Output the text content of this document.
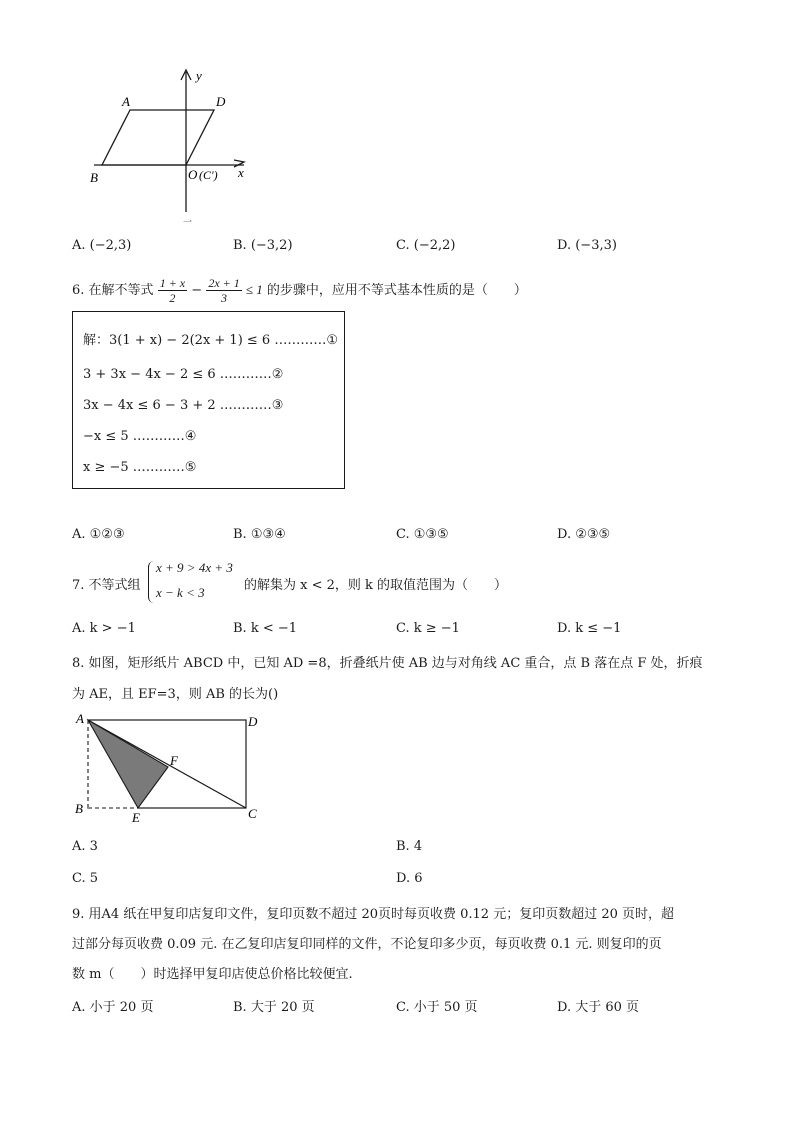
y
x
A	D
B	O (C')
一
A. (−2,3)	B. (−3,2)	C. (−2,2)	D. (−3,3)
6. 在解不等式 $\frac{1 + x}{2} - \frac{2x + 1}{3} \le 1$ 的步骤中，应用不等式基本性质的是（　　）
解：3(1 + x) − 2(2x + 1) ≤ 6 …………①
3 + 3x − 4x − 2 ≤ 6 …………②
3x − 4x ≤ 6 − 3 + 2 …………③
−x ≤ 5 …………④
x ≥ −5 …………⑤
A. ①②③	B. ①③④	C. ①③⑤	D. ②③⑤
7. 不等式组
x + 9 > 4x + 3
x − k < 3	的解集为 x < 2，则 k 的取值范围为（　　）
A. k > −1	B. k < −1	C. k ≥ −1	D. k ≤ −1
8. 如图，矩形纸片 ABCD 中，已知 AD =8，折叠纸片使 AB 边与对角线 AC 重合，点 B 落在点 F 处，折痕
为 AE，且 EF=3，则 AB 的长为()
A	D
B
E	C
F
A. 3	B. 4
C. 5	D. 6
9. 用A4 纸在甲复印店复印文件，复印页数不超过 20页时每页收费 0.12 元；复印页数超过 20 页时，超
过部分每页收费 0.09 元. 在乙复印店复印同样的文件，不论复印多少页，每页收费 0.1 元. 则复印的页
数 m（　　）时选择甲复印店使总价格比较便宜.
A. 小于 20 页	B. 大于 20 页	C. 小于 50 页	D. 大于 60 页
